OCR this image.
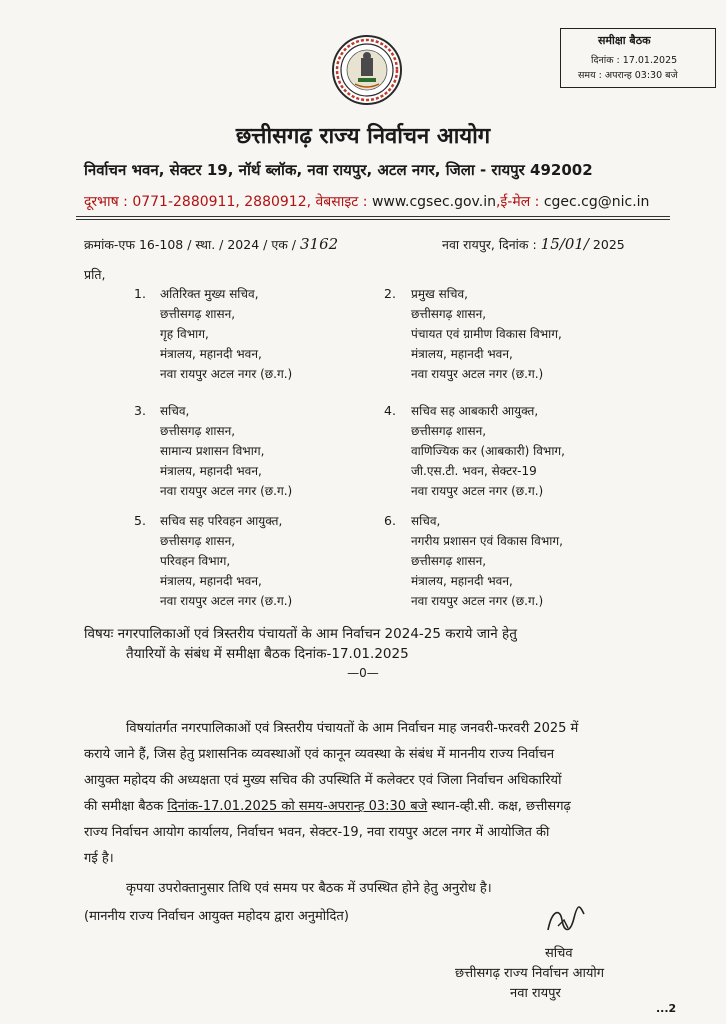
समीक्षा बैठक
दिनांक : 17.01.2025
समय : अपरान्ह 03:30 बजे
छत्तीसगढ़ राज्य निर्वाचन आयोग
निर्वाचन भवन, सेक्टर 19, नॉर्थ ब्लॉक, नवा रायपुर, अटल नगर, जिला - रायपुर 492002
दूरभाष : 0771-2880911, 2880912, वेबसाइट : www.cgsec.gov.in,ई-मेल : cgec.cg@nic.in
क्रमांक-एफ 16-108 / स्था. / 2024 / एक / 3162	नवा रायपुर, दिनांक : 15/01/ 2025
प्रति,
1. अतिरिक्त मुख्य सचिव,
छत्तीसगढ़ शासन,
गृह विभाग,
मंत्रालय, महानदी भवन,
नवा रायपुर अटल नगर (छ.ग.)
2. प्रमुख सचिव,
छत्तीसगढ़ शासन,
पंचायत एवं ग्रामीण विकास विभाग,
मंत्रालय, महानदी भवन,
नवा रायपुर अटल नगर (छ.ग.)
3. सचिव,
छत्तीसगढ़ शासन,
सामान्य प्रशासन विभाग,
मंत्रालय, महानदी भवन,
नवा रायपुर अटल नगर (छ.ग.)
4. सचिव सह आबकारी आयुक्त,
छत्तीसगढ़ शासन,
वाणिज्यिक कर (आबकारी) विभाग,
जी.एस.टी. भवन, सेक्टर-19
नवा रायपुर अटल नगर (छ.ग.)
5. सचिव सह परिवहन आयुक्त,
छत्तीसगढ़ शासन,
परिवहन विभाग,
मंत्रालय, महानदी भवन,
नवा रायपुर अटल नगर (छ.ग.)
6. सचिव,
नगरीय प्रशासन एवं विकास विभाग,
छत्तीसगढ़ शासन,
मंत्रालय, महानदी भवन,
नवा रायपुर अटल नगर (छ.ग.)
विषयः नगरपालिकाओं एवं त्रिस्तरीय पंचायतों के आम निर्वाचन 2024-25 कराये जाने हेतु
तैयारियों के संबंध में समीक्षा बैठक दिनांक-17.01.2025
—0—
विषयांतर्गत नगरपालिकाओं एवं त्रिस्तरीय पंचायतों के आम निर्वाचन माह जनवरी-फरवरी 2025 में
कराये जाने हैं, जिस हेतु प्रशासनिक व्यवस्थाओं एवं कानून व्यवस्था के संबंध में माननीय राज्य निर्वाचन
आयुक्त महोदय की अध्यक्षता एवं मुख्य सचिव की उपस्थिति में कलेक्टर एवं जिला निर्वाचन अधिकारियों
की समीक्षा बैठक दिनांक-17.01.2025 को समय-अपरान्ह 03:30 बजे स्थान-व्ही.सी. कक्ष, छत्तीसगढ़
राज्य निर्वाचन आयोग कार्यालय, निर्वाचन भवन, सेक्टर-19, नवा रायपुर अटल नगर में आयोजित की
गई है।
कृपया उपरोक्तानुसार तिथि एवं समय पर बैठक में उपस्थित होने हेतु अनुरोध है।
(माननीय राज्य निर्वाचन आयुक्त महोदय द्वारा अनुमोदित)
सचिव
छत्तीसगढ़ राज्य निर्वाचन आयोग
नवा रायपुर
...2
